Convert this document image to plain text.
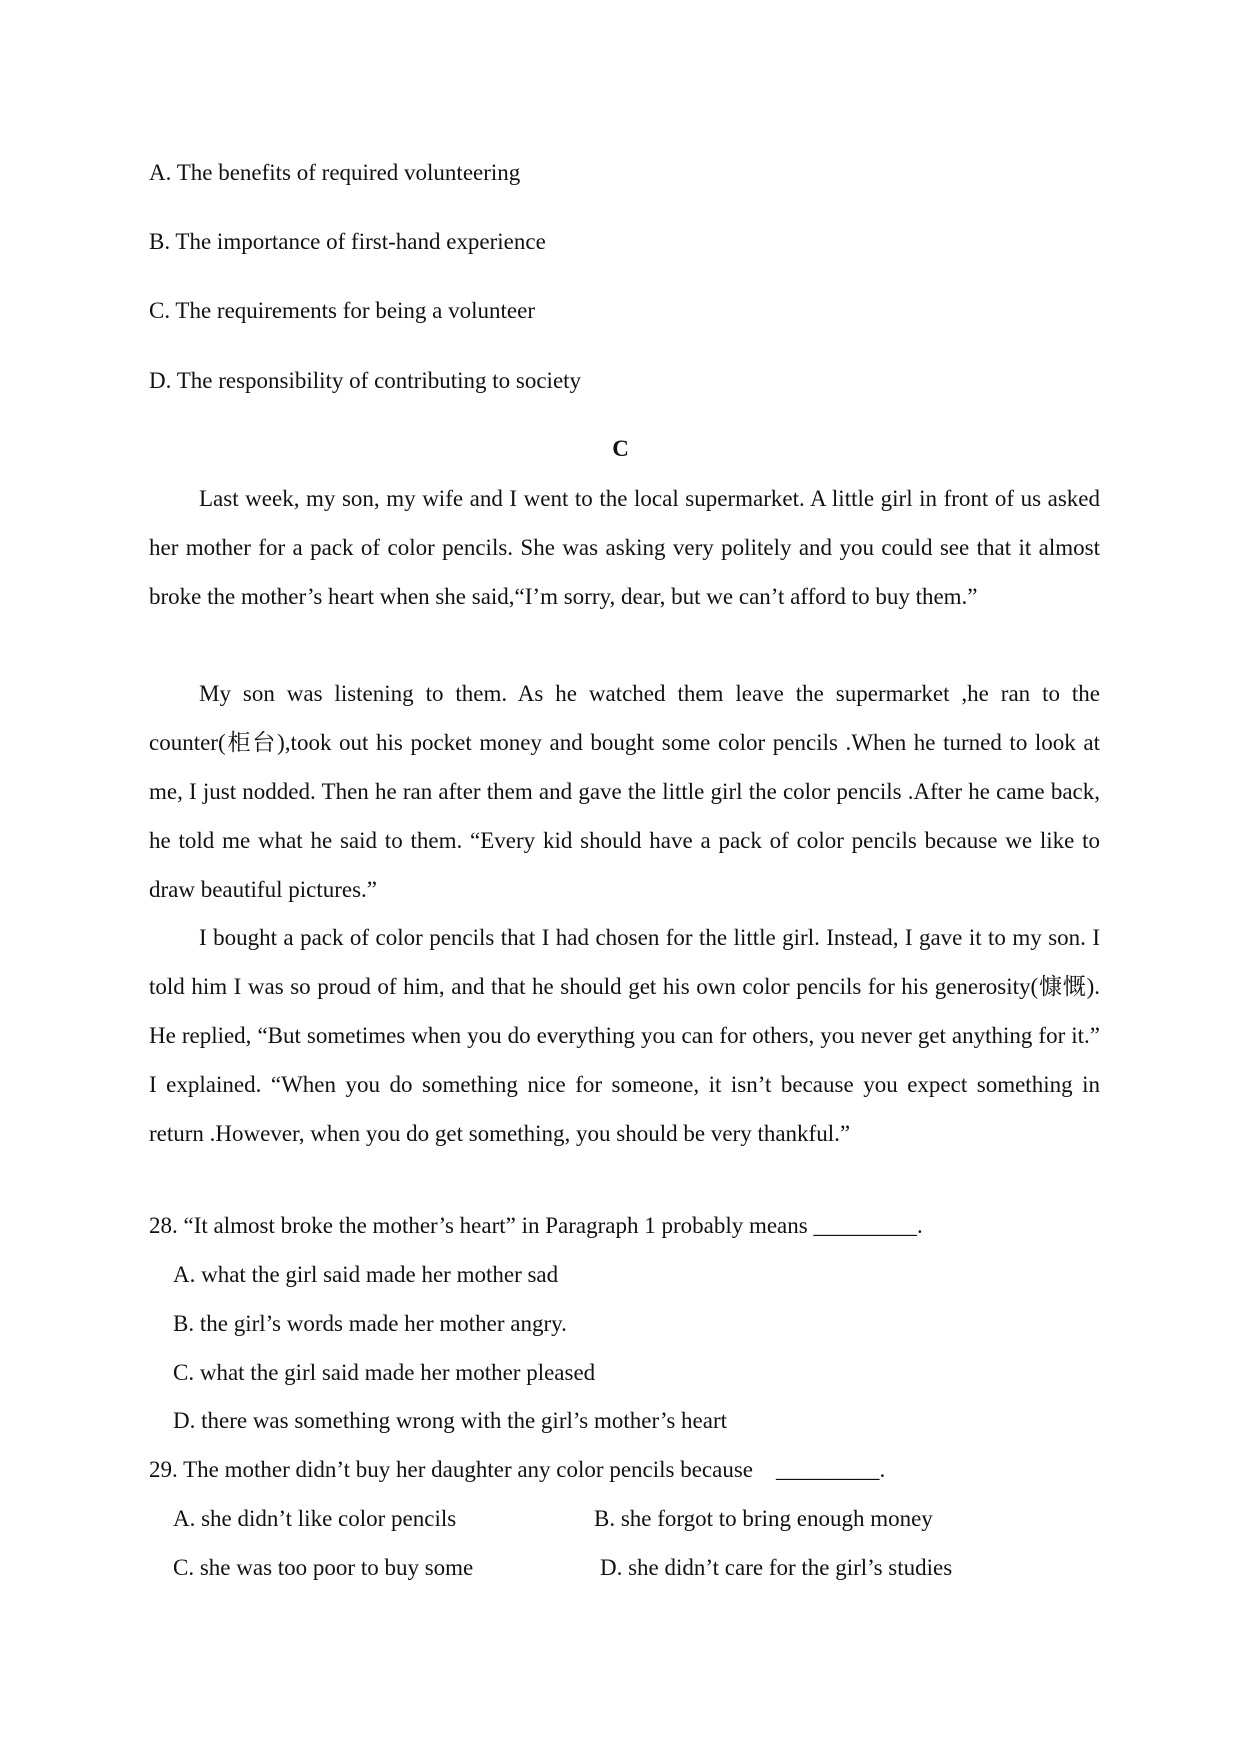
A. The benefits of required volunteering
B. The importance of first-hand experience
C. The requirements for being a volunteer
D. The responsibility of contributing to society
C
Last week, my son, my wife and I went to the local supermarket. A little girl in front of us asked her mother for a pack of color pencils. She was asking very politely and you could see that it almost broke the mother’s heart when she said,“I’m sorry, dear, but we can’t afford to buy them.”
My son was listening to them. As he watched them leave the supermarket ,he ran to the counter(柜台),took out his pocket money and bought some color pencils .When he turned to look at me, I just nodded. Then he ran after them and gave the little girl the color pencils .After he came back, he told me what he said to them. “Every kid should have a pack of color pencils because we like to draw beautiful pictures.”
I bought a pack of color pencils that I had chosen for the little girl. Instead, I gave it to my son. I told him I was so proud of him, and that he should get his own color pencils for his generosity(慷慨). He replied, “But sometimes when you do everything you can for others, you never get anything for it.” I explained. “When you do something nice for someone, it isn’t because you expect something in return .However, when you do get something, you should be very thankful.”
28. “It almost broke the mother’s heart” in Paragraph 1 probably means _________.
A. what the girl said made her mother sad
B. the girl’s words made her mother angry.
C. what the girl said made her mother pleased
D. there was something wrong with the girl’s mother’s heart
29. The mother didn’t buy her daughter any color pencils because    _________.
A. she didn’t like color pencils	B. she forgot to bring enough money
C. she was too poor to buy some	D. she didn’t care for the girl’s studies
